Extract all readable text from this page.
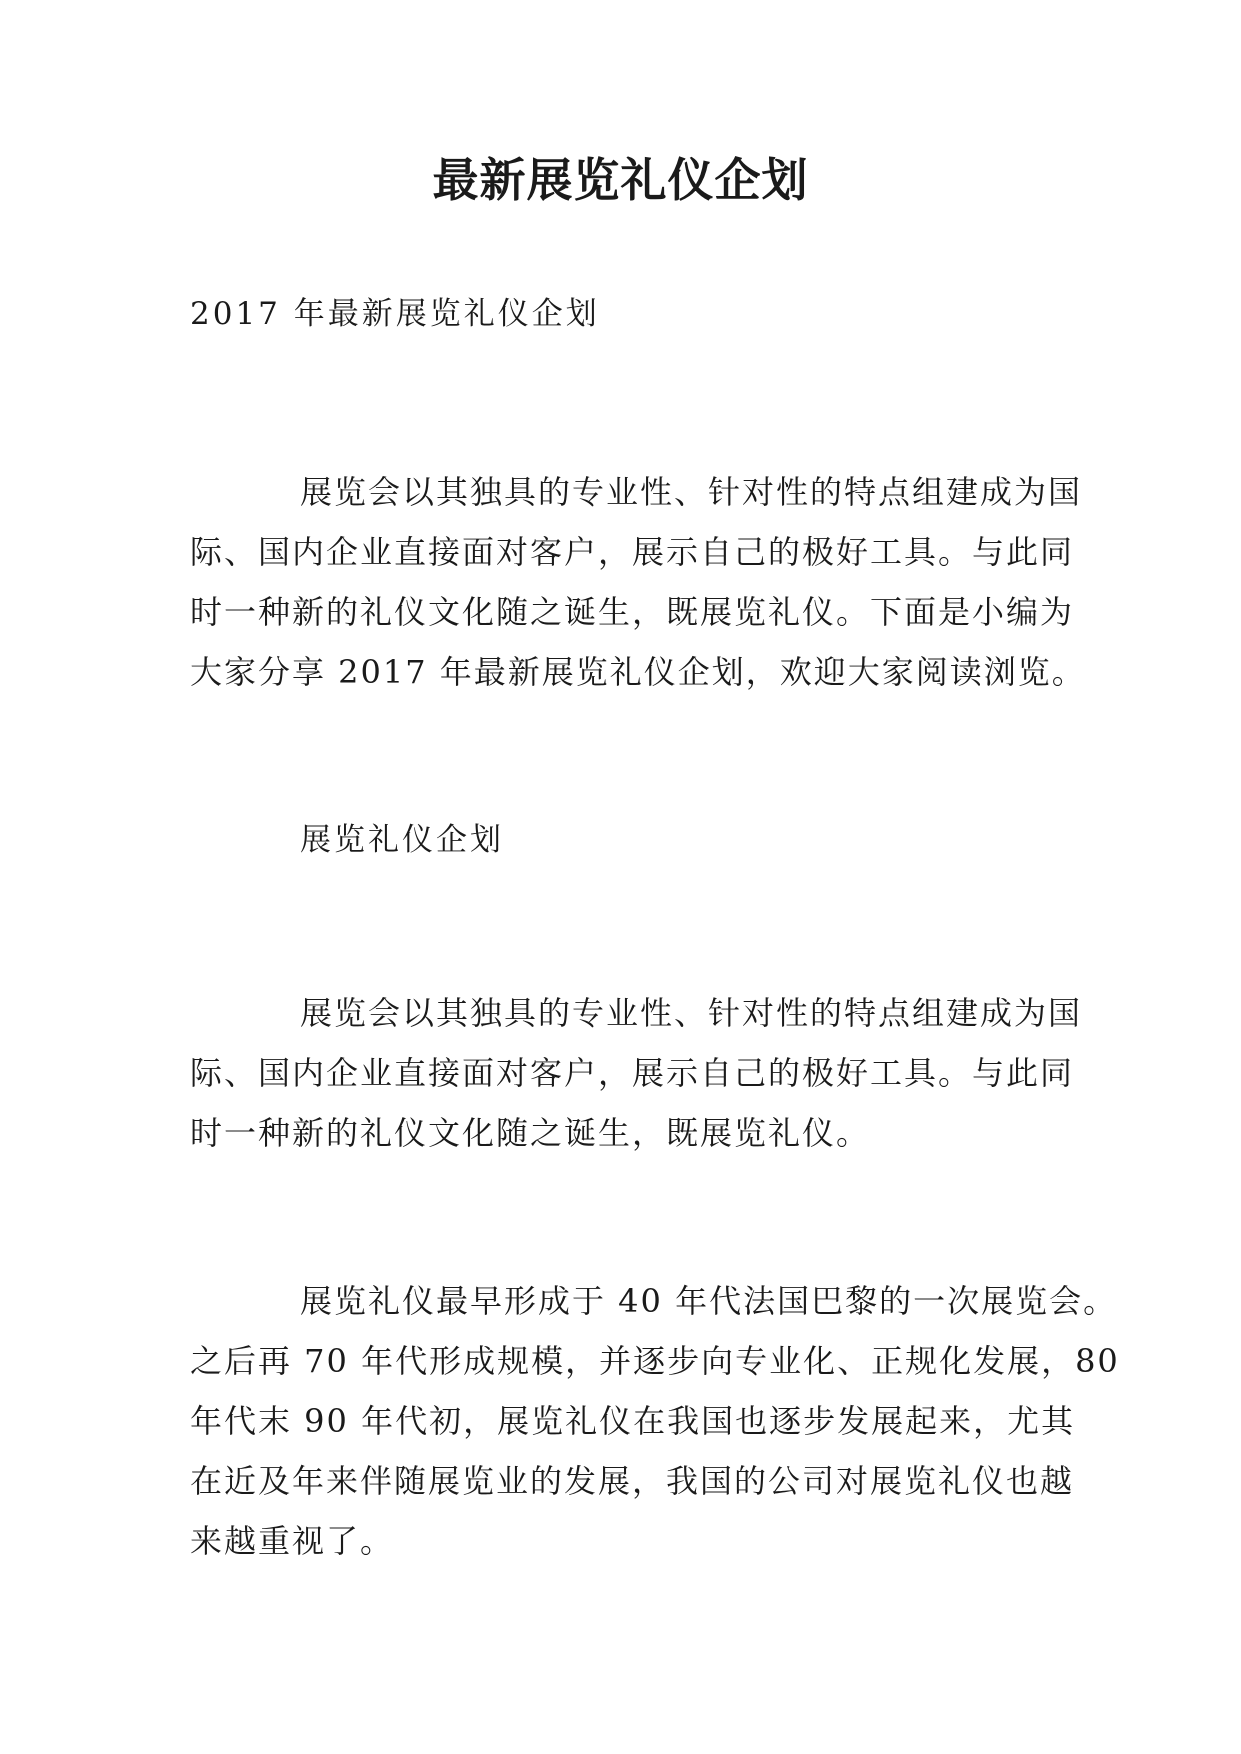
最新展览礼仪企划
2017 年最新展览礼仪企划
展览会以其独具的专业性、针对性的特点组建成为国
际、国内企业直接面对客户，展示自己的极好工具。与此同
时一种新的礼仪文化随之诞生，既展览礼仪。下面是小编为
大家分享 2017 年最新展览礼仪企划，欢迎大家阅读浏览。
展览礼仪企划
展览会以其独具的专业性、针对性的特点组建成为国
际、国内企业直接面对客户，展示自己的极好工具。与此同
时一种新的礼仪文化随之诞生，既展览礼仪。
展览礼仪最早形成于 40 年代法国巴黎的一次展览会。
之后再 70 年代形成规模，并逐步向专业化、正规化发展，80
年代末 90 年代初，展览礼仪在我国也逐步发展起来，尤其
在近及年来伴随展览业的发展，我国的公司对展览礼仪也越
来越重视了。
